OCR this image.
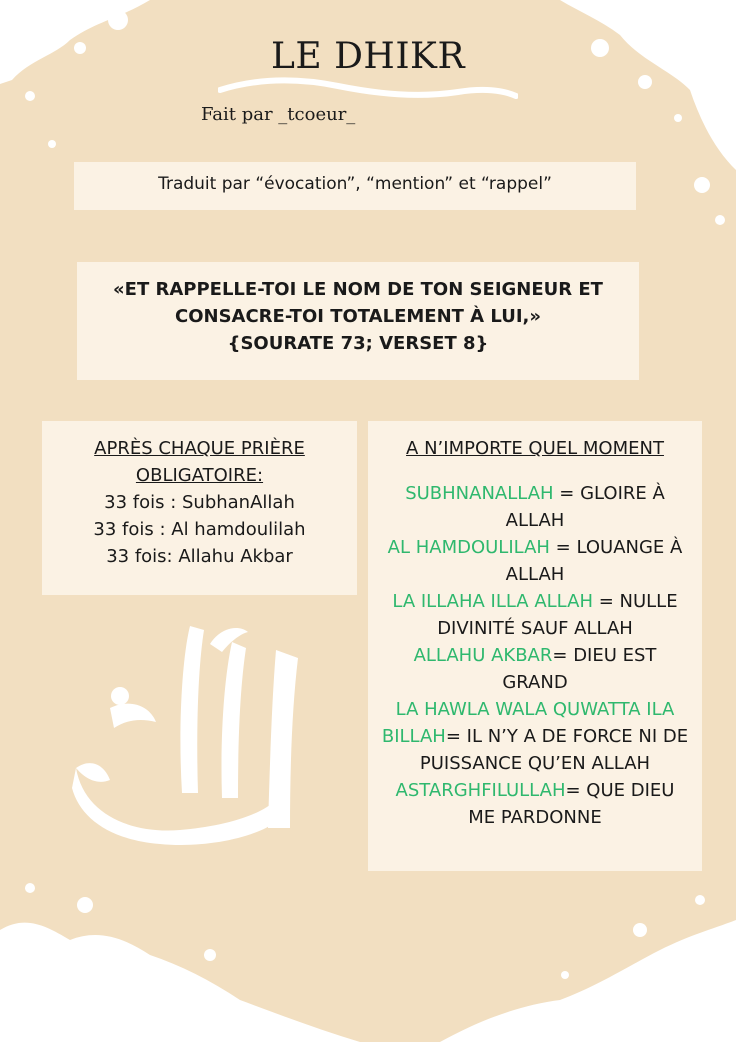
LE DHIKR
Fait par _tcoeur_
Traduit par “évocation”, “mention” et “rappel”
«ET RAPPELLE-TOI LE NOM DE TON SEIGNEUR ET
CONSACRE-TOI TOTALEMENT À LUI,»
{SOURATE 73; VERSET 8}
APRÈS CHAQUE PRIÈRE
OBLIGATOIRE:
33 fois : SubhanAllah
33 fois : Al hamdoulilah
33 fois: Allahu Akbar
A N’IMPORTE QUEL MOMENT
SUBHNANALLAH = GLOIRE À
ALLAH
AL HAMDOULILAH = LOUANGE À
ALLAH
LA ILLAHA ILLA ALLAH = NULLE
DIVINITÉ SAUF ALLAH
ALLAHU AKBAR= DIEU EST
GRAND
LA HAWLA WALA QUWATTA ILA
BILLAH= IL N’Y A DE FORCE NI DE
PUISSANCE QU’EN ALLAH
ASTARGHFILULLAH= QUE DIEU
ME PARDONNE
